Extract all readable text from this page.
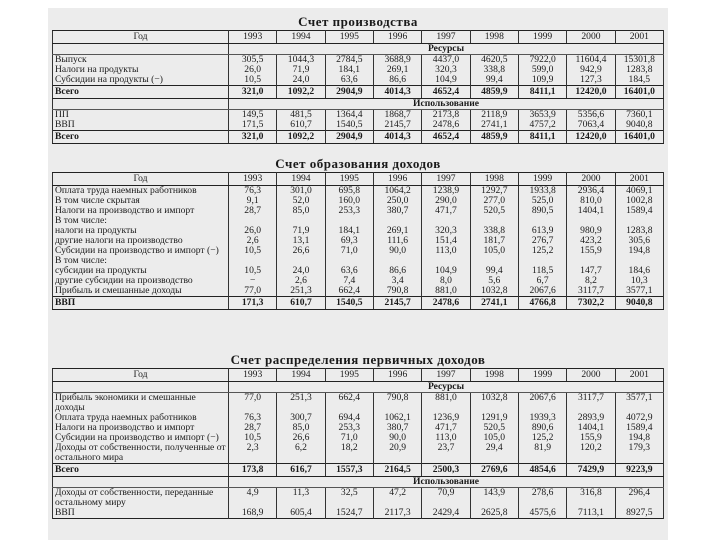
Счет производства
Год	1993	1994	1995	1996	1997	1998	1999	2000	2001
	Ресурсы								
Выпуск	305,5	1044,3	2784,5	3688,9	4437,0	4620,5	7922,0	11604,4	15301,8
Налоги на продукты	26,0	71,9	184,1	269,1	320,3	338,8	599,0	942,9	1283,8
Субсидии на продукты (−)	10,5	24,0	63,6	86,6	104,9	99,4	109,9	127,3	184,5
Всего	321,0	1092,2	2904,9	4014,3	4652,4	4859,9	8411,1	12420,0	16401,0
	Использование								
ПП	149,5	481,5	1364,4	1868,7	2173,8	2118,9	3653,9	5356,6	7360,1
ВВП	171,5	610,7	1540,5	2145,7	2478,6	2741,1	4757,2	7063,4	9040,8
Всего	321,0	1092,2	2904,9	4014,3	4652,4	4859,9	8411,1	12420,0	16401,0
Счет образования доходов
Год	1993	1994	1995	1996	1997	1998	1999	2000	2001
Оплата труда наемных работников	76,3	301,0	695,8	1064,2	1238,9	1292,7	1933,8	2936,4	4069,1
В том числе скрытая	9,1	52,0	160,0	250,0	290,0	277,0	525,0	810,0	1002,8
Налоги на производство и импорт	28,7	85,0	253,3	380,7	471,7	520,5	890,5	1404,1	1589,4
В том числе:									
налоги на продукты	26,0	71,9	184,1	269,1	320,3	338,8	613,9	980,9	1283,8
другие налоги на производство	2,6	13,1	69,3	111,6	151,4	181,7	276,7	423,2	305,6
Субсидии на производство и импорт (−)	10,5	26,6	71,0	90,0	113,0	105,0	125,2	155,9	194,8
В том числе:									
субсидии на продукты	10,5	24,0	63,6	86,6	104,9	99,4	118,5	147,7	184,6
другие субсидии на производство	−	2,6	7,4	3,4	8,0	5,6	6,7	8,2	10,3
Прибыль и смешанные доходы	77,0	251,3	662,4	790,8	881,0	1032,8	2067,6	3117,7	3577,1
ВВП	171,3	610,7	1540,5	2145,7	2478,6	2741,1	4766,8	7302,2	9040,8
Счет распределения первичных доходов
Год	1993	1994	1995	1996	1997	1998	1999	2000	2001
	Ресурсы								
Прибыль экономики и смешанные доходы	77,0	251,3	662,4	790,8	881,0	1032,8	2067,6	3117,7	3577,1
Оплата труда наемных работников	76,3	300,7	694,4	1062,1	1236,9	1291,9	1939,3	2893,9	4072,9
Налоги на производство и импорт	28,7	85,0	253,3	380,7	471,7	520,5	890,6	1404,1	1589,4
Субсидии на производство и импорт (−)	10,5	26,6	71,0	90,0	113,0	105,0	125,2	155,9	194,8
Доходы от собственности, полученные от остального мира	2,3	6,2	18,2	20,9	23,7	29,4	81,9	120,2	179,3
Всего	173,8	616,7	1557,3	2164,5	2500,3	2769,6	4854,6	7429,9	9223,9
	Использование								
Доходы от собственности, переданные остальному миру	4,9	11,3	32,5	47,2	70,9	143,9	278,6	316,8	296,4
ВВП	168,9	605,4	1524,7	2117,3	2429,4	2625,8	4575,6	7113,1	8927,5
